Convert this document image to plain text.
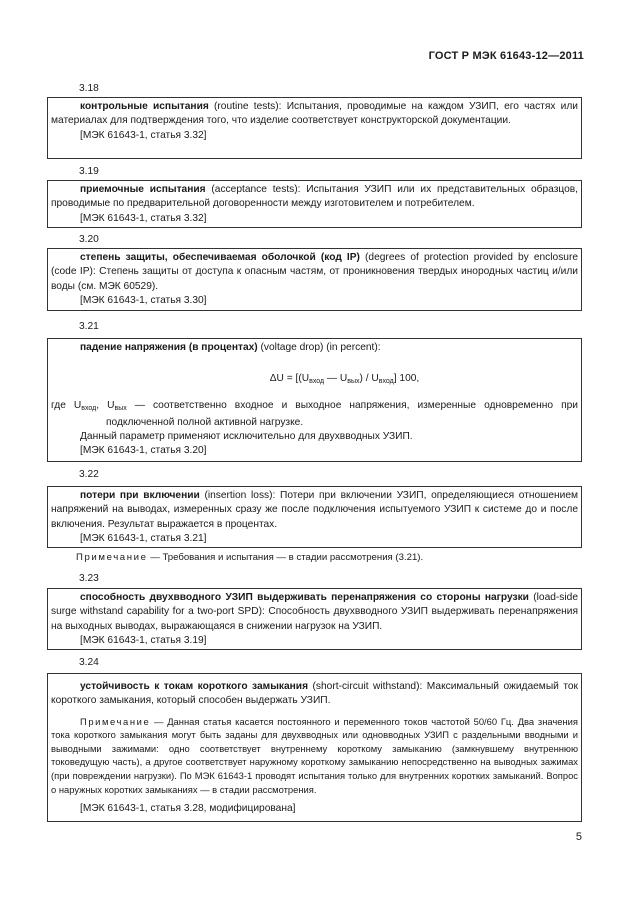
ГОСТ Р МЭК 61643-12—2011
3.18

контрольные испытания (routine tests): Испытания, проводимые на каждом УЗИП, его частях или материалах для подтверждения того, что изделие соответствует конструкторской документации.

[МЭК 61643-1, статья 3.32]

3.19

приемочные испытания (acceptance tests): Испытания УЗИП или их представительных образцов, проводимые по предварительной договоренности между изготовителем и потребителем.

[МЭК 61643-1, статья 3.32]

3.20

степень защиты, обеспечиваемая оболочкой (код IP) (degrees of protection provided by enclosure (code IP): Степень защиты от доступа к опасным частям, от проникновения твердых инородных частиц и/или воды (см. МЭК 60529).

[МЭК 61643-1, статья 3.30]

3.21

падение напряжения (в процентах) (voltage drop) (in percent):

$\Delta U = [(U_{вход}$ — $U_{вых}) / U_{вход}$] 100,

где $U_{вход}$, $U_{вых}$ — соответственно входное и выходное напряжения, измеренные одновременно при подключенной полной активной нагрузке.

Данный параметр применяют исключительно для двухвводных УЗИП.

[МЭК 61643-1, статья 3.20]

3.22

потери при включении (insertion loss): Потери при включении УЗИП, определяющиеся отношением напряжений на выводах, измеренных сразу же после подключения испытуемого УЗИП к системе до и после включения. Результат выражается в процентах.

[МЭК 61643-1, статья 3.21]

Примечание — Требования и испытания — в стадии рассмотрения (3.21).
3.23

способность двухвводного УЗИП выдерживать перенапряжения со стороны нагрузки (load-side surge withstand capability for a two-port SPD): Способность двухвводного УЗИП выдерживать перенапряжения на выходных выводах, выражающаяся в снижении нагрузок на УЗИП.

[МЭК 61643-1, статья 3.19]

3.24

устойчивость к токам короткого замыкания (short-circuit withstand): Максимальный ожидаемый ток короткого замыкания, который способен выдержать УЗИП.

Примечание — Данная статья касается постоянного и переменного токов частотой 50/60 Гц. Два значения тока короткого замыкания могут быть заданы для двухвводных или одновводных УЗИП с раздельными вводными и выводными зажимами: одно соответствует внутреннему короткому замыканию (замкнувшему внутреннюю токоведущую часть), а другое соответствует наружному короткому замыканию непосредственно на выводных зажимах (при повреждении нагрузки). По МЭК 61643-1 проводят испытания только для внутренних коротких замыканий. Вопрос о наружных коротких замыканиях — в стадии рассмотрения.

[МЭК 61643-1, статья 3.28, модифицирована]

5
